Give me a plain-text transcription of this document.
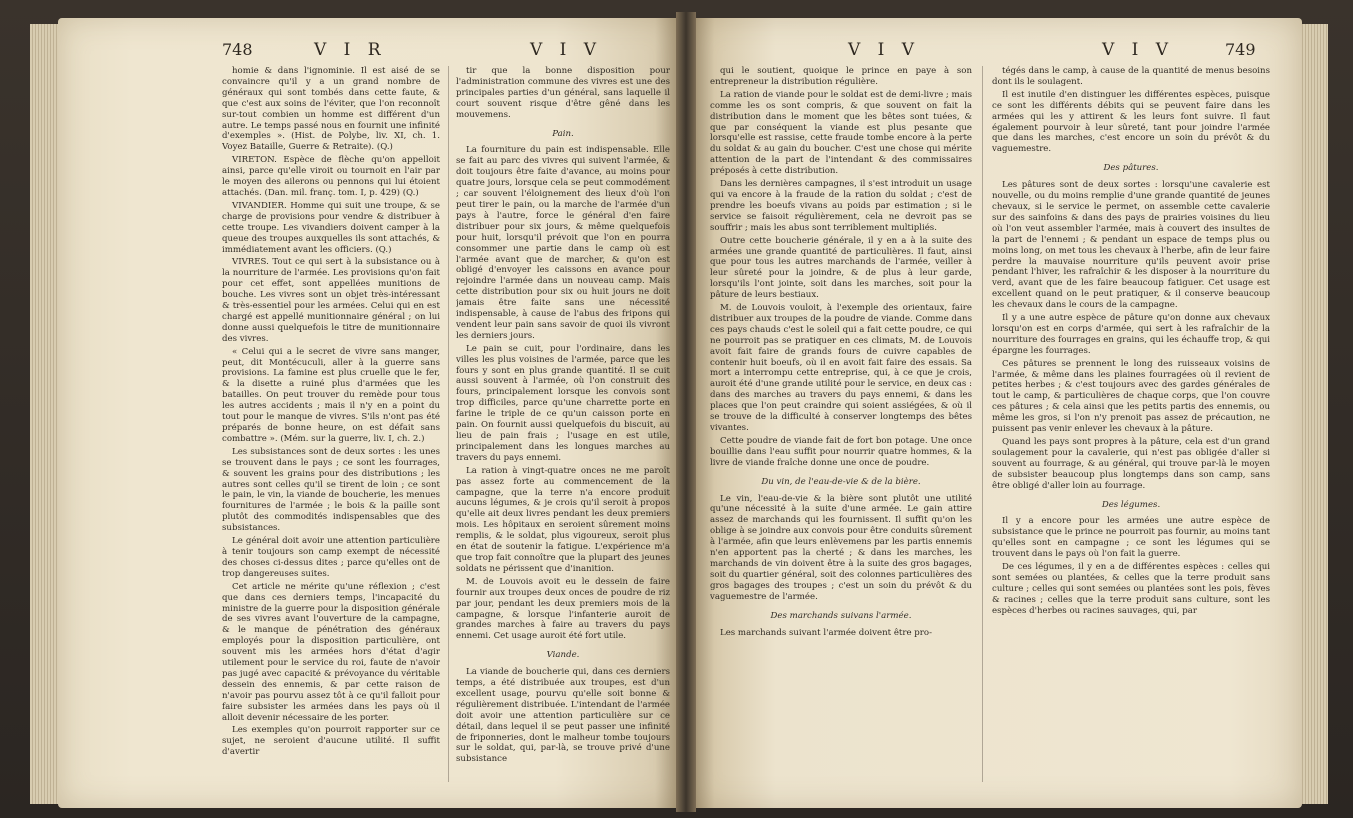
748	V I R	V I V	V I V	V I V	749

homie & dans l'ignominie. Il est aisé de se convaincre qu'il y a un grand nombre de généraux qui sont tombés dans cette faute, & que c'est aux soins de l'éviter, que l'on reconnoît sur-tout combien un homme est différent d'un autre. Le temps passé nous en fournit une infinité d'exemples ». (Hist. de Polybe, liv. XI, ch. 1. Voyez Bataille, Guerre & Retraite). (Q.)

VIRETON. Espèce de flèche qu'on appelloit ainsi, parce qu'elle viroit ou tournoit en l'air par le moyen des ailerons ou pennons qui lui étoient attachés. (Dan. mil. franç. tom. I, p. 429) (Q.)

VIVANDIER. Homme qui suit une troupe, & se charge de provisions pour vendre & distribuer à cette troupe. Les vivandiers doivent camper à la queue des troupes auxquelles ils sont attachés, & immédiatement avant les officiers. (Q.)

VIVRES. Tout ce qui sert à la subsistance ou à la nourriture de l'armée. Les provisions qu'on fait pour cet effet, sont appellées munitions de bouche. Les vivres sont un objet très-intéressant & très-essentiel pour les armées. Celui qui en est chargé est appellé munitionnaire général ; on lui donne aussi quelquefois le titre de munitionnaire des vivres.

« Celui qui a le secret de vivre sans manger, peut, dit Montécuculi, aller à la guerre sans provisions. La famine est plus cruelle que le fer, & la disette a ruiné plus d'armées que les batailles. On peut trouver du remède pour tous les autres accidents ; mais il n'y en a point du tout pour le manque de vivres. S'ils n'ont pas été préparés de bonne heure, on est défait sans combattre ». (Mém. sur la guerre, liv. I, ch. 2.)

Les subsistances sont de deux sortes : les unes se trouvent dans le pays ; ce sont les fourrages, & souvent les grains pour des distributions ; les autres sont celles qu'il se tirent de loin ; ce sont le pain, le vin, la viande de boucherie, les menues fournitures de l'armée ; le bois & la paille sont plutôt des commodités indispensables que des subsistances.

Le général doit avoir une attention particulière à tenir toujours son camp exempt de nécessité des choses ci-dessus dites ; parce qu'elles ont de trop dangereuses suites.

Cet article ne mérite qu'une réflexion ; c'est que dans ces derniers temps, l'incapacité du ministre de la guerre pour la disposition générale de ses vivres avant l'ouverture de la campagne, & le manque de pénétration des généraux employés pour la disposition particulière, ont souvent mis les armées hors d'état d'agir utilement pour le service du roi, faute de n'avoir pas jugé avec capacité & prévoyance du véritable dessein des ennemis, & par cette raison de n'avoir pas pourvu assez tôt à ce qu'il falloit pour faire subsister les armées dans les pays où il alloit devenir nécessaire de les porter.

Les exemples qu'on pourroit rapporter sur ce sujet, ne seroient d'aucune utilité. Il suffit d'avertir

tir que la bonne disposition pour l'administration commune des vivres est une des principales parties d'un général, sans laquelle il court souvent risque d'être gêné dans les mouvemens.

Pain.

La fourniture du pain est indispensable. Elle se fait au parc des vivres qui suivent l'armée, & doit toujours être faite d'avance, au moins pour quatre jours, lorsque cela se peut commodément ; car souvent l'éloignement des lieux d'où l'on peut tirer le pain, ou la marche de l'armée d'un pays à l'autre, force le général d'en faire distribuer pour six jours, & même quelquefois pour huit, lorsqu'il prévoit que l'on en pourra consommer une partie dans le camp où est l'armée avant que de marcher, & qu'on est obligé d'envoyer les caissons en avance pour rejoindre l'armée dans un nouveau camp. Mais cette distribution pour six ou huit jours ne doit jamais être faite sans une nécessité indispensable, à cause de l'abus des fripons qui vendent leur pain sans savoir de quoi ils vivront les derniers jours.

Le pain se cuit, pour l'ordinaire, dans les villes les plus voisines de l'armée, parce que les fours y sont en plus grande quantité. Il se cuit aussi souvent à l'armée, où l'on construit des fours, principalement lorsque les convois sont trop difficiles, parce qu'une charrette porte en farine le triple de ce qu'un caisson porte en pain. On fournit aussi quelquefois du biscuit, au lieu de pain frais ; l'usage en est utile, principalement dans les longues marches au travers du pays ennemi.

La ration à vingt-quatre onces ne me paroît pas assez forte au commencement de la campagne, que la terre n'a encore produit aucuns légumes, & je crois qu'il seroit à propos qu'elle ait deux livres pendant les deux premiers mois. Les hôpitaux en seroient sûrement moins remplis, & le soldat, plus vigoureux, seroit plus en état de soutenir la fatigue. L'expérience m'a que trop fait connoître que la plupart des jeunes soldats ne périssent que d'inanition.

M. de Louvois avoit eu le dessein de faire fournir aux troupes deux onces de poudre de riz par jour, pendant les deux premiers mois de la campagne, & lorsque l'infanterie auroit de grandes marches à faire au travers du pays ennemi. Cet usage auroit été fort utile.

Viande.

La viande de boucherie qui, dans ces derniers temps, a été distribuée aux troupes, est d'un excellent usage, pourvu qu'elle soit bonne & régulièrement distribuée. L'intendant de l'armée doit avoir une attention particulière sur ce détail, dans lequel il se peut passer une infinité de friponneries, dont le malheur tombe toujours sur le soldat, qui, par-là, se trouve privé d'une subsistance

qui le soutient, quoique le prince en paye à son entrepreneur la distribution régulière.

La ration de viande pour le soldat est de demi-livre ; mais comme les os sont compris, & que souvent on fait la distribution dans le moment que les bêtes sont tuées, & que par conséquent la viande est plus pesante que lorsqu'elle est rassise, cette fraude tombe encore à la perte du soldat & au gain du boucher. C'est une chose qui mérite attention de la part de l'intendant & des commissaires préposés à cette distribution.

Dans les dernières campagnes, il s'est introduit un usage qui va encore à la fraude de la ration du soldat ; c'est de prendre les boeufs vivans au poids par estimation ; si le service se faisoit régulièrement, cela ne devroit pas se souffrir ; mais les abus sont terriblement multipliés.

Outre cette boucherie générale, il y en a à la suite des armées une grande quantité de particulières. Il faut, ainsi que pour tous les autres marchands de l'armée, veiller à leur sûreté pour la joindre, & de plus à leur garde, lorsqu'ils l'ont jointe, soit dans les marches, soit pour la pâture de leurs bestiaux.

M. de Louvois vouloit, à l'exemple des orientaux, faire distribuer aux troupes de la poudre de viande. Comme dans ces pays chauds c'est le soleil qui a fait cette poudre, ce qui ne pourroit pas se pratiquer en ces climats, M. de Louvois avoit fait faire de grands fours de cuivre capables de contenir huit boeufs, où il en avoit fait faire des essais. Sa mort a interrompu cette entreprise, qui, à ce que je crois, auroit été d'une grande utilité pour le service, en deux cas : dans des marches au travers du pays ennemi, & dans les places que l'on peut craindre qui soient assiégées, & où il se trouve de la difficulté à conserver longtemps des bêtes vivantes.

Cette poudre de viande fait de fort bon potage. Une once bouillie dans l'eau suffit pour nourrir quatre hommes, & la livre de viande fraîche donne une once de poudre.

Du vin, de l'eau-de-vie & de la bière.

Le vin, l'eau-de-vie & la bière sont plutôt une utilité qu'une nécessité à la suite d'une armée. Le gain attire assez de marchands qui les fournissent. Il suffit qu'on les oblige à se joindre aux convois pour être conduits sûrement à l'armée, afin que leurs enlèvemens par les partis ennemis n'en apportent pas la cherté ; & dans les marches, les marchands de vin doivent être à la suite des gros bagages, soit du quartier général, soit des colonnes particulières des gros bagages des troupes ; c'est un soin du prévôt & du vaguemestre de l'armée.

Des marchands suivans l'armée.

Les marchands suivant l'armée doivent être pro-

tégés dans le camp, à cause de la quantité de menus besoins dont ils le soulagent.

Il est inutile d'en distinguer les différentes espèces, puisque ce sont les différents débits qui se peuvent faire dans les armées qui les y attirent & les leurs font suivre. Il faut également pourvoir à leur sûreté, tant pour joindre l'armée que dans les marches, c'est encore un soin du prévôt & du vaguemestre.

Des pâtures.

Les pâtures sont de deux sortes : lorsqu'une cavalerie est nouvelle, ou du moins remplie d'une grande quantité de jeunes chevaux, si le service le permet, on assemble cette cavalerie sur des sainfoins & dans des pays de prairies voisines du lieu où l'on veut assembler l'armée, mais à couvert des insultes de la part de l'ennemi ; & pendant un espace de temps plus ou moins long, on met tous les chevaux à l'herbe, afin de leur faire perdre la mauvaise nourriture qu'ils peuvent avoir prise pendant l'hiver, les rafraîchir & les disposer à la nourriture du verd, avant que de les faire beaucoup fatiguer. Cet usage est excellent quand on le peut pratiquer, & il conserve beaucoup les chevaux dans le cours de la campagne.

Il y a une autre espèce de pâture qu'on donne aux chevaux lorsqu'on est en corps d'armée, qui sert à les rafraîchir de la nourriture des fourrages en grains, qui les échauffe trop, & qui épargne les fourrages.

Ces pâtures se prennent le long des ruisseaux voisins de l'armée, & même dans les plaines fourragées où il revient de petites herbes ; & c'est toujours avec des gardes générales de tout le camp, & particulières de chaque corps, que l'on couvre ces pâtures ; & cela ainsi que les petits partis des ennemis, ou même les gros, si l'on n'y prenoit pas assez de précaution, ne puissent pas venir enlever les chevaux à la pâture.

Quand les pays sont propres à la pâture, cela est d'un grand soulagement pour la cavalerie, qui n'est pas obligée d'aller si souvent au fourrage, & au général, qui trouve par-là le moyen de subsister beaucoup plus longtemps dans son camp, sans être obligé d'aller loin au fourrage.

Des légumes.

Il y a encore pour les armées une autre espèce de subsistance que le prince ne pourroit pas fournir, au moins tant qu'elles sont en campagne ; ce sont les légumes qui se trouvent dans le pays où l'on fait la guerre.

De ces légumes, il y en a de différentes espèces : celles qui sont semées ou plantées, & celles que la terre produit sans culture ; celles qui sont semées ou plantées sont les pois, fèves & racines ; celles que la terre produit sans culture, sont les espèces d'herbes ou racines sauvages, qui, par
